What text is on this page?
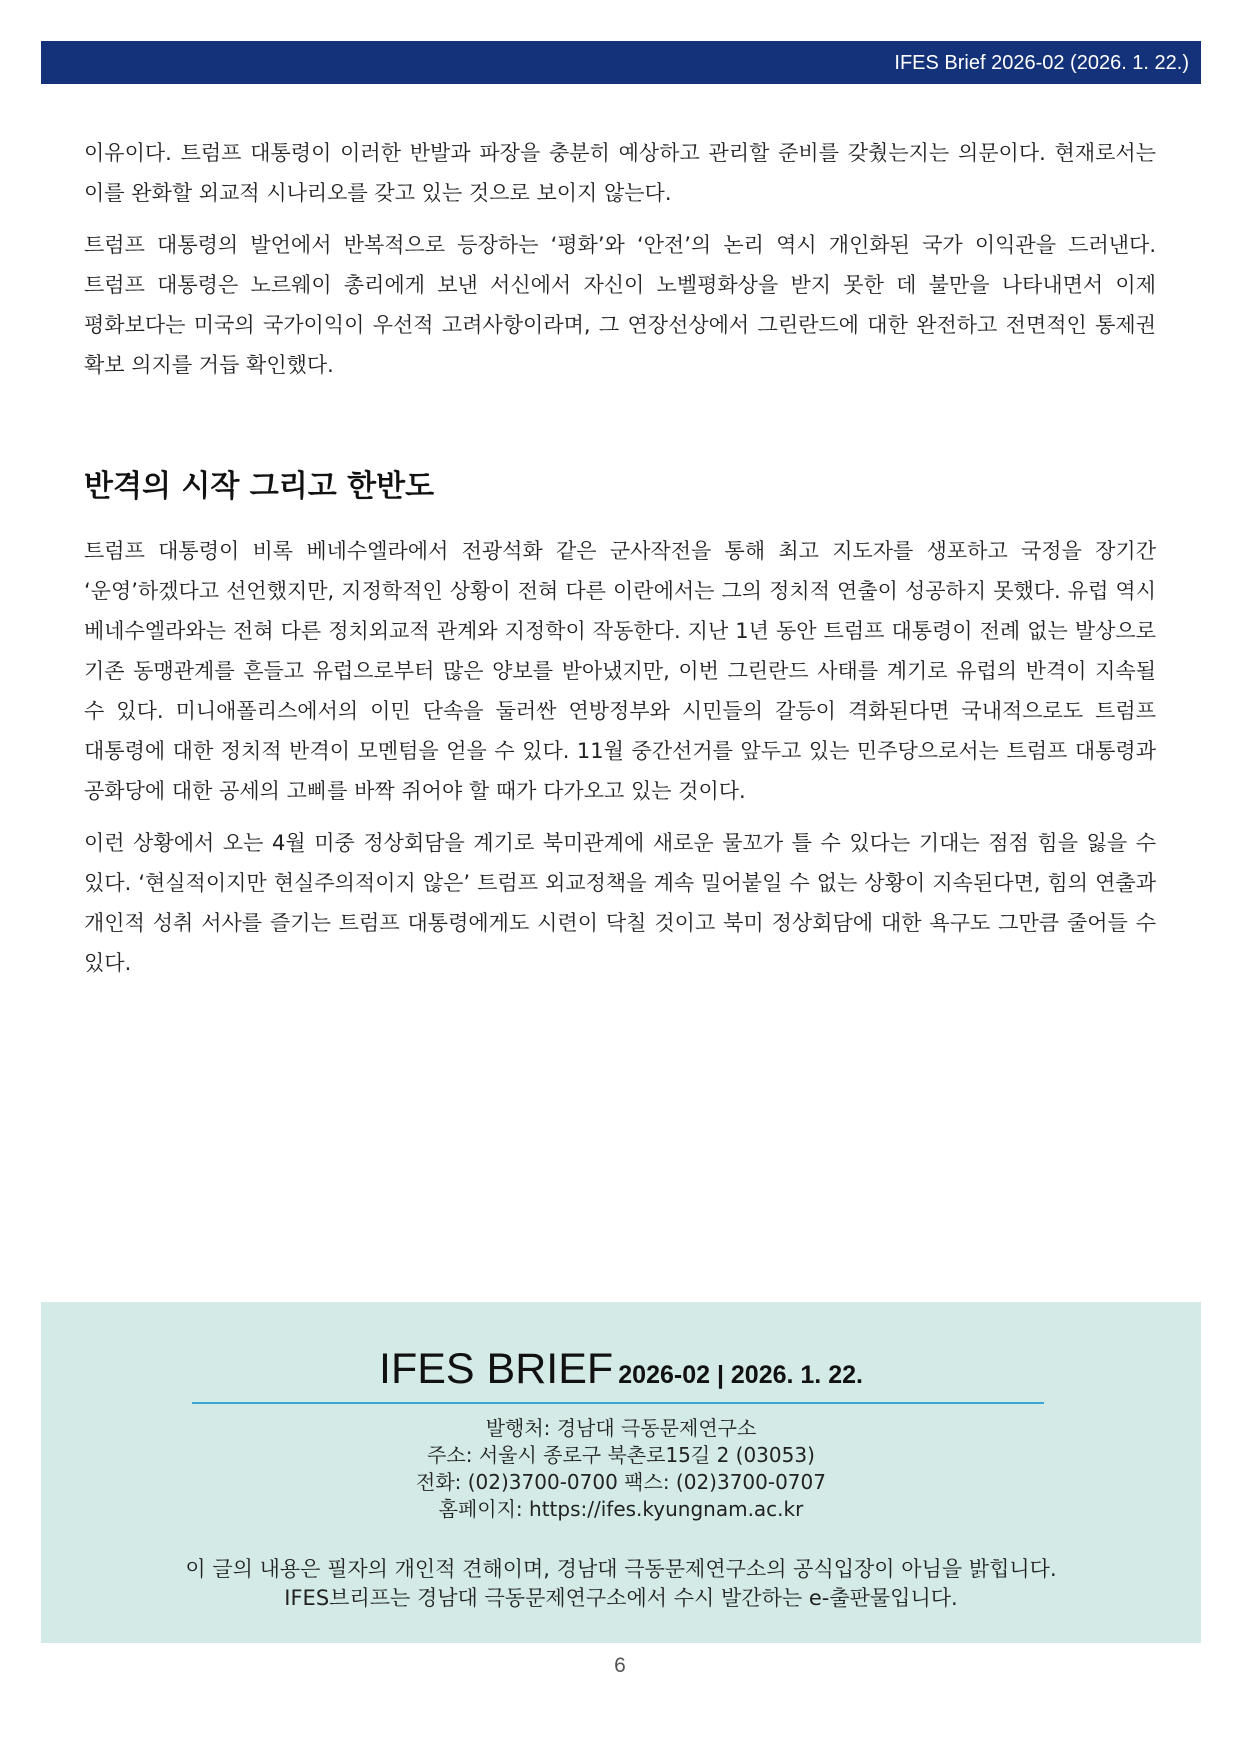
IFES Brief 2026-02 (2026. 1. 22.)

이유이다. 트럼프 대통령이 이러한 반발과 파장을 충분히 예상하고 관리할 준비를 갖췄는지는 의문이다. 현재로서는 이를 완화할 외교적 시나리오를 갖고 있는 것으로 보이지 않는다.

트럼프 대통령의 발언에서 반복적으로 등장하는 ‘평화’와 ‘안전’의 논리 역시 개인화된 국가 이익관을 드러낸다. 트럼프 대통령은 노르웨이 총리에게 보낸 서신에서 자신이 노벨평화상을 받지 못한 데 불만을 나타내면서 이제 평화보다는 미국의 국가이익이 우선적 고려사항이라며, 그 연장선상에서 그린란드에 대한 완전하고 전면적인 통제권 확보 의지를 거듭 확인했다.

반격의 시작 그리고 한반도

트럼프 대통령이 비록 베네수엘라에서 전광석화 같은 군사작전을 통해 최고 지도자를 생포하고 국정을 장기간 ‘운영’하겠다고 선언했지만, 지정학적인 상황이 전혀 다른 이란에서는 그의 정치적 연출이 성공하지 못했다. 유럽 역시 베네수엘라와는 전혀 다른 정치외교적 관계와 지정학이 작동한다. 지난 1년 동안 트럼프 대통령이 전례 없는 발상으로 기존 동맹관계를 흔들고 유럽으로부터 많은 양보를 받아냈지만, 이번 그린란드 사태를 계기로 유럽의 반격이 지속될 수 있다. 미니애폴리스에서의 이민 단속을 둘러싼 연방정부와 시민들의 갈등이 격화된다면 국내적으로도 트럼프 대통령에 대한 정치적 반격이 모멘텀을 얻을 수 있다. 11월 중간선거를 앞두고 있는 민주당으로서는 트럼프 대통령과 공화당에 대한 공세의 고삐를 바짝 쥐어야 할 때가 다가오고 있는 것이다.

이런 상황에서 오는 4월 미중 정상회담을 계기로 북미관계에 새로운 물꼬가 틀 수 있다는 기대는 점점 힘을 잃을 수 있다. ‘현실적이지만 현실주의적이지 않은’ 트럼프 외교정책을 계속 밀어붙일 수 없는 상황이 지속된다면, 힘의 연출과 개인적 성취 서사를 즐기는 트럼프 대통령에게도 시련이 닥칠 것이고 북미 정상회담에 대한 욕구도 그만큼 줄어들 수 있다.

IFES BRIEF 2026-02 | 2026. 1. 22.
발행처: 경남대 극동문제연구소
주소: 서울시 종로구 북촌로15길 2 (03053)
전화: (02)3700-0700 팩스: (02)3700-0707
홈페이지: https://ifes.kyungnam.ac.kr
이 글의 내용은 필자의 개인적 견해이며, 경남대 극동문제연구소의 공식입장이 아님을 밝힙니다.
IFES브리프는 경남대 극동문제연구소에서 수시 발간하는 e-출판물입니다.
6
